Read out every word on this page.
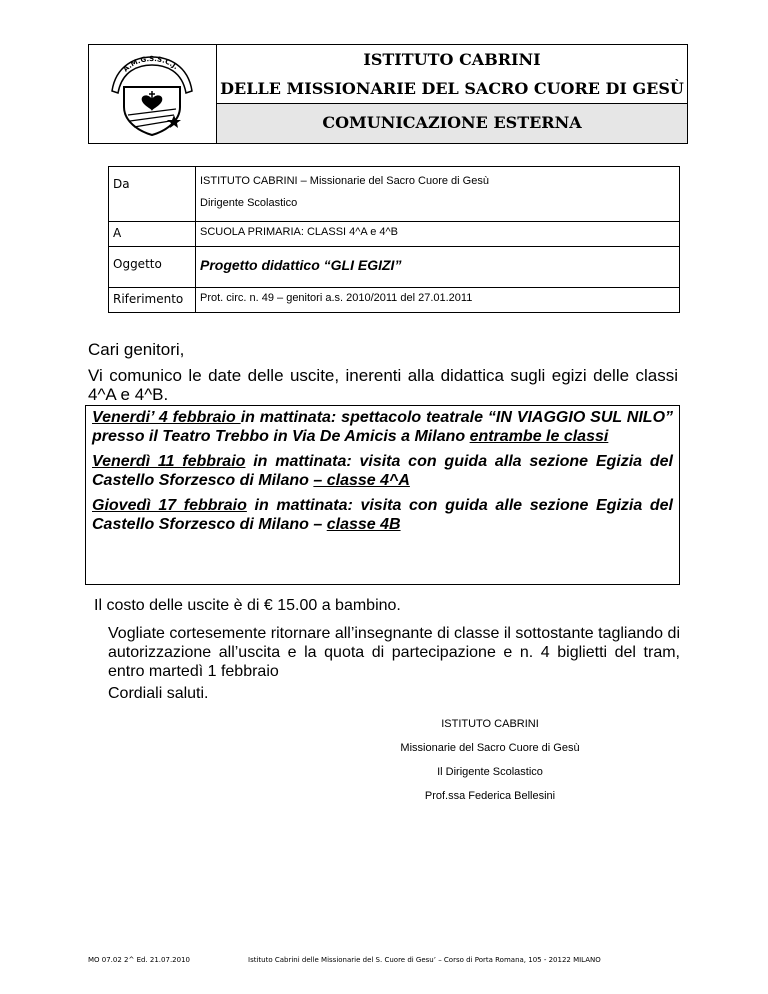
A.M.G.S.S.C.J.	ISTITUTO CABRINI
DELLE MISSIONARIE DEL SACRO CUORE DI GESÙ
COMUNICAZIONE ESTERNA
Da	ISTITUTO CABRINI – Missionarie del Sacro Cuore di Gesù
Dirigente Scolastico

A	SCUOLA PRIMARIA: CLASSI 4^A e 4^B

Oggetto	Progetto didattico “GLI EGIZI”

Riferimento	Prot. circ. n. 49 – genitori a.s. 2010/2011 del 27.01.2011
Cari genitori,
Vi comunico le date delle uscite, inerenti alla didattica sugli egizi delle classi 4^A e 4^B.

Venerdi’ 4 febbraio in mattinata: spettacolo teatrale “IN VIAGGIO SUL NILO” presso il Teatro Trebbo in Via De Amicis a Milano entrambe le classi

Venerdì 11 febbraio in mattinata: visita con guida alla sezione Egizia del Castello Sforzesco di Milano – classe 4^A

Giovedì 17 febbraio in mattinata: visita con guida alle sezione Egizia del Castello Sforzesco di Milano – classe 4B

Il costo delle uscite è di € 15.00 a bambino.
Vogliate cortesemente ritornare all’insegnante di classe il sottostante tagliando di autorizzazione all’uscita e la quota di partecipazione e n. 4 biglietti del tram, entro martedì 1 febbraio
Cordiali saluti.
ISTITUTO CABRINI
Missionarie del Sacro Cuore di Gesù
Il Dirigente Scolastico
Prof.ssa Federica Bellesini
MO 07.02 2^ Ed. 21.07.2010	Istituto Cabrini delle Missionarie del S. Cuore di Gesu’ – Corso di Porta Romana, 105 - 20122 MILANO
